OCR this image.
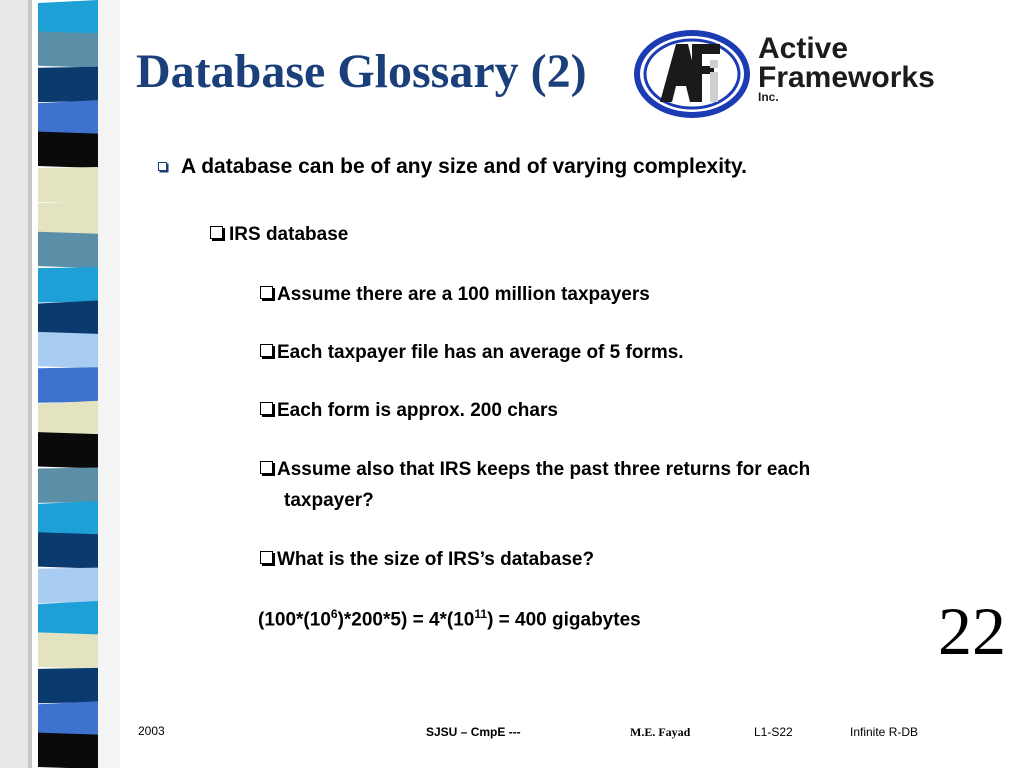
Database Glossary (2)	Active
Frameworks
Inc.

A database can be of any size and of varying complexity.

IRS database

Assume there are a 100 million taxpayers

Each taxpayer file has an average of 5 forms.

Each form is approx. 200 chars

Assume also that IRS keeps the past three returns for each

taxpayer?

What is the size of IRS’s database?

$(100*(10^6)*200*5) = 4*(10^{11}) = 400$ gigabytes	22

2003	SJSU – CmpE ---	M.E. Fayad	L1-S22	Infinite R-DB
